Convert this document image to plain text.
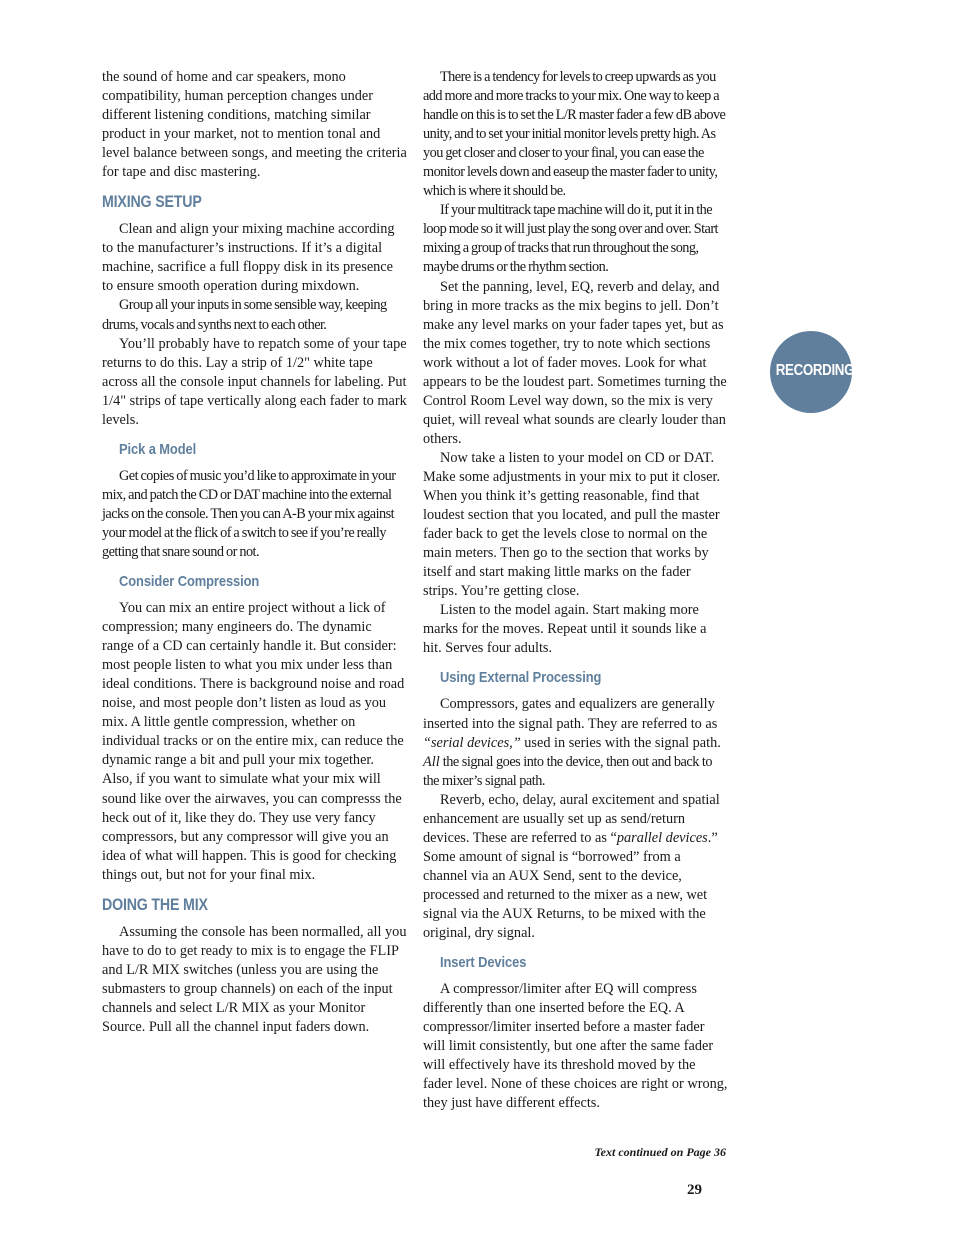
the sound of home and car speakers, mono compatibility, human perception changes under different listening conditions, matching similar product in your market, not to mention tonal and level balance between songs, and meeting the criteria for tape and disc mastering.

MIXING SETUP

Clean and align your mixing machine according to the manufacturer’s instructions. If it’s a digital machine, sacrifice a full floppy disk in its presence to ensure smooth operation during mixdown.

Group all your inputs in some sensible way, keeping drums, vocals and synths next to each other.

You’ll probably have to repatch some of your tape returns to do this. Lay a strip of 1/2" white tape across all the console input channels for labeling. Put 1/4" strips of tape vertically along each fader to mark levels.

Pick a Model

Get copies of music you’d like to approximate in your mix, and patch the CD or DAT machine into the external jacks on the console. Then you can A-B your mix against your model at the flick of a switch to see if you’re really getting that snare sound or not.

Consider Compression

You can mix an entire project without a lick of compression; many engineers do. The dynamic range of a CD can certainly handle it. But consider: most people listen to what you mix under less than ideal conditions. There is background noise and road noise, and most people don’t listen as loud as you mix. A little gentle compression, whether on individual tracks or on the entire mix, can reduce the dynamic range a bit and pull your mix together. Also, if you want to simulate what your mix will sound like over the airwaves, you can compresss the heck out of it, like they do. They use very fancy compressors, but any compressor will give you an idea of what will happen. This is good for checking things out, but not for your final mix.

DOING THE MIX

Assuming the console has been normalled, all you have to do to get ready to mix is to engage the FLIP and L/R MIX switches (unless you are using the submasters to group channels) on each of the input channels and select L/R MIX as your Monitor Source. Pull all the channel input faders down.

There is a tendency for levels to creep upwards as you add more and more tracks to your mix. One way to keep a handle on this is to set the L/R master fader a few dB above unity, and to set your initial monitor levels pretty high. As you get closer and closer to your final, you can ease the monitor levels down and easeup the master fader to unity, which is where it should be.

If your multitrack tape machine will do it, put it in the loop mode so it will just play the song over and over. Start mixing a group of tracks that run throughout the song, maybe drums or the rhythm section.

Set the panning, level, EQ, reverb and delay, and bring in more tracks as the mix begins to jell. Don’t make any level marks on your fader tapes yet, but as the mix comes together, try to note which sections work without a lot of fader moves. Look for what appears to be the loudest part. Sometimes turning the Control Room Level way down, so the mix is very quiet, will reveal what sounds are clearly louder than others.

Now take a listen to your model on CD or DAT. Make some adjustments in your mix to put it closer. When you think it’s getting reasonable, find that loudest section that you located, and pull the master fader back to get the levels close to normal on the main meters. Then go to the section that works by itself and start making little marks on the fader strips. You’re getting close.

Listen to the model again. Start making more marks for the moves. Repeat until it sounds like a hit. Serves four adults.

Using External Processing

Compressors, gates and equalizers are generally inserted into the signal path. They are referred to as “serial devices,” used in series with the signal path. All the signal goes into the device, then out and back to the mixer’s signal path.

Reverb, echo, delay, aural excitement and spatial enhancement are usually set up as send/return devices. These are referred to as “parallel devices.” Some amount of signal is “borrowed” from a channel via an AUX Send, sent to the device, processed and returned to the mixer as a new, wet signal via the AUX Returns, to be mixed with the original, dry signal.

Insert Devices

A compressor/limiter after EQ will compress differently than one inserted before the EQ. A compressor/limiter inserted before a master fader will limit consistently, but one after the same fader will effectively have its threshold moved by the fader level. None of these choices are right or wrong, they just have different effects.

RECORDING
Text continued on Page 36
29
